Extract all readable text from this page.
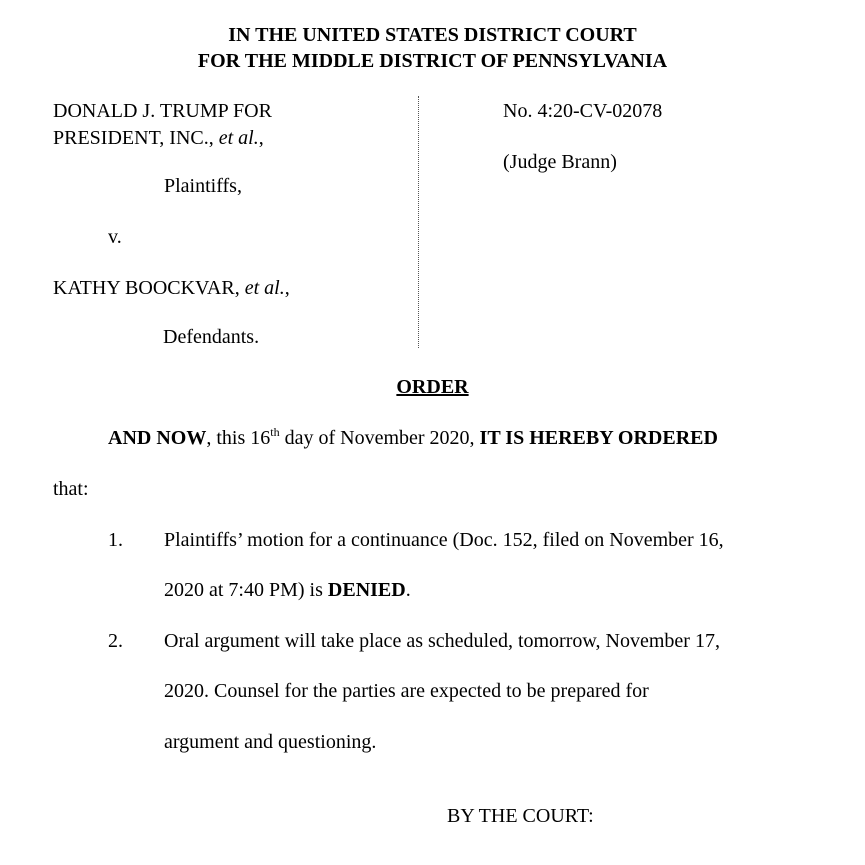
IN THE UNITED STATES DISTRICT COURT
FOR THE MIDDLE DISTRICT OF PENNSYLVANIA
DONALD J. TRUMP FOR
PRESIDENT, INC., et al.,
Plaintiffs,
v.
KATHY BOOCKVAR, et al.,
Defendants.
No. 4:20-CV-02078
(Judge Brann)
ORDER
AND NOW, this 16th day of November 2020, IT IS HEREBY ORDERED
that:
1. Plaintiffs’ motion for a continuance (Doc. 152, filed on November 16,
2020 at 7:40 PM) is DENIED.
2. Oral argument will take place as scheduled, tomorrow, November 17,
2020. Counsel for the parties are expected to be prepared for
argument and questioning.
BY THE COURT:
